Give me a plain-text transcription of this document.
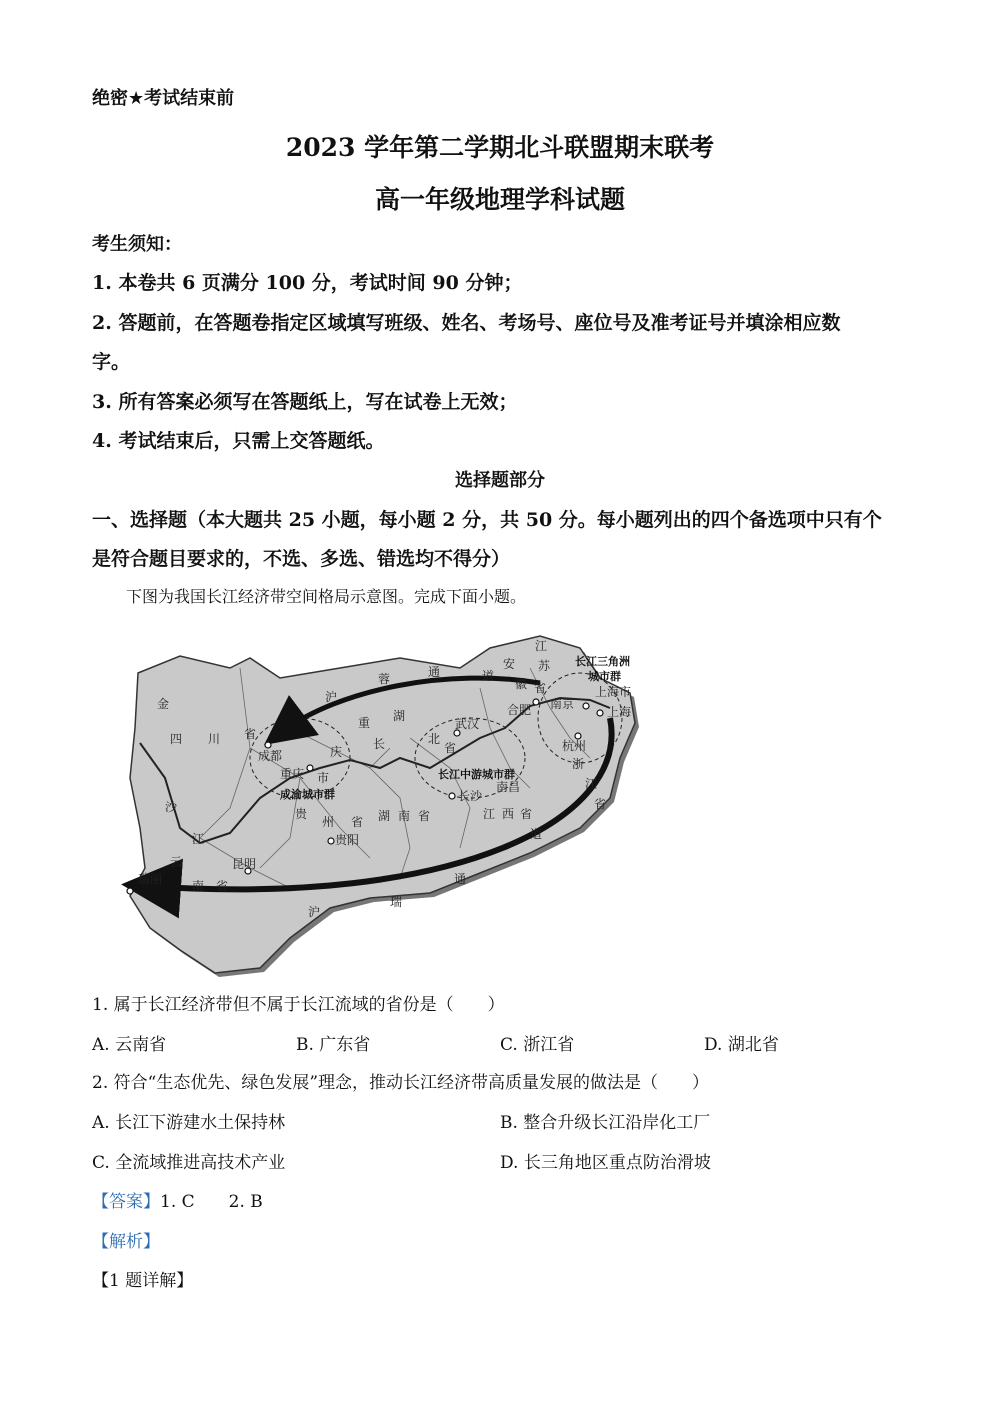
绝密★考试结束前
2023 学年第二学期北斗联盟期末联考
高一年级地理学科试题
考生须知：
1. 本卷共 6 页满分 100 分，考试时间 90 分钟；
2. 答题前，在答题卷指定区域填写班级、姓名、考场号、座位号及准考证号并填涂相应数
字。
3. 所有答案必须写在答题纸上，写在试卷上无效；
4. 考试结束后，只需上交答题纸。
选择题部分
一、选择题（本大题共 25 小题，每小题 2 分，共 50 分。每小题列出的四个备选项中只有个
是符合题目要求的，不选、多选、错选均不得分）
下图为我国长江经济带空间格局示意图。完成下面小题。
长江三角洲
城市群
上海市
上海
江
苏
安
徽 省
南京
合肥
杭州
浙
江
省
蓉	通	道
沪
重
庆
市
重庆
湖
北
省
长
武汉
长江中游城市群
长沙
南昌
江 西 省
湖 南 省
道
通
瑞
沪
成都
四 川 省
成渝城市群
金
沙
江
贵
州 省
贵阳
昆明
云
南 省
瑞丽
1. 属于长江经济带但不属于长江流域的省份是（　　）
A. 云南省	B. 广东省	C. 浙江省	D. 湖北省
2. 符合“生态优先、绿色发展”理念，推动长江经济带高质量发展的做法是（　　）
A. 长江下游建水土保持林	B. 整合升级长江沿岸化工厂
C. 全流域推进高技术产业	D. 长三角地区重点防治滑坡
【答案】1. C　　2. B
【解析】
【1 题详解】
